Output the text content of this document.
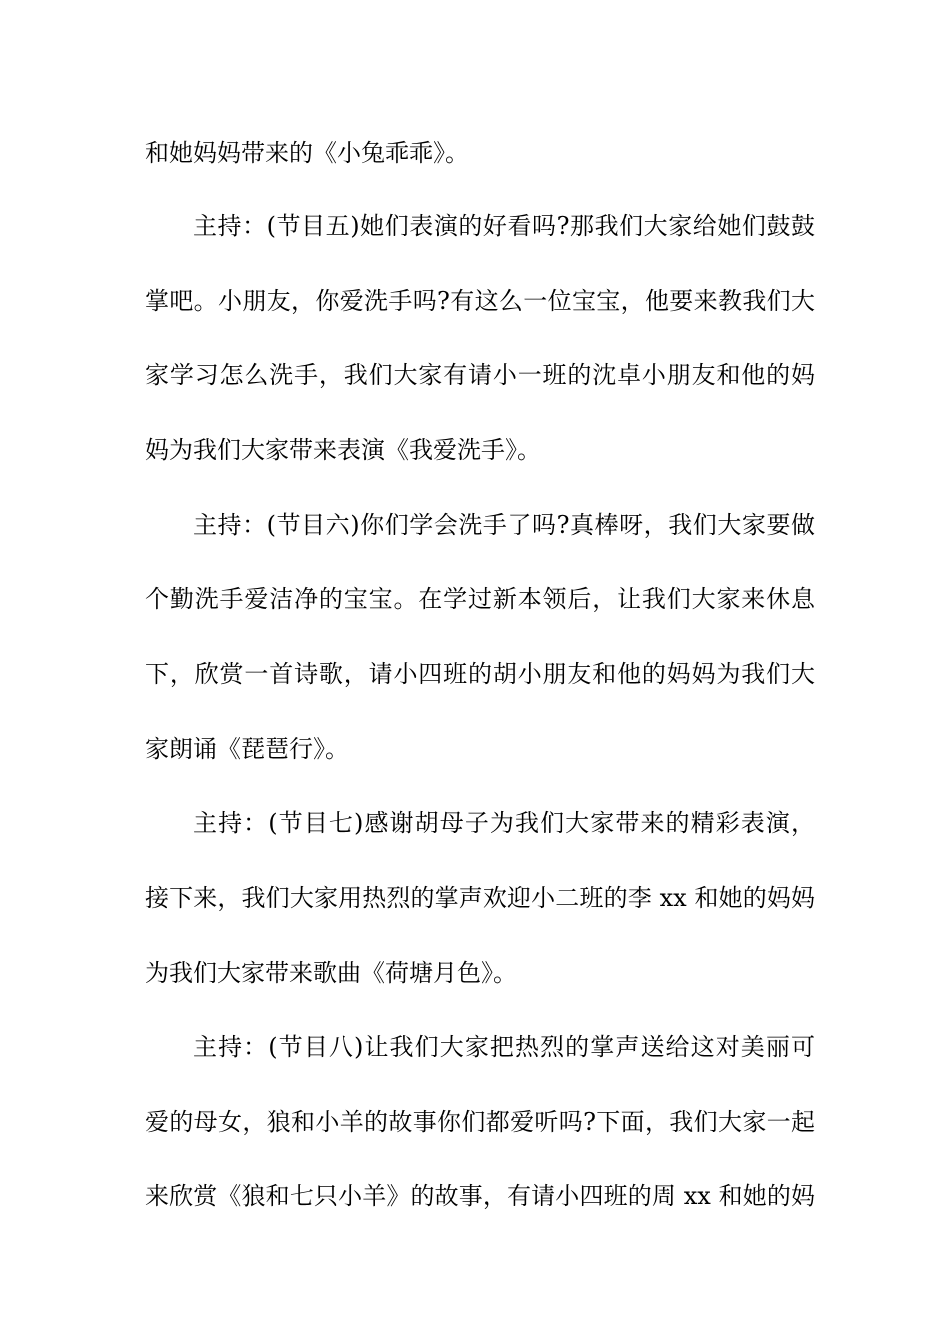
和她妈妈带来的《小兔乖乖》。
主持：(节目五)她们表演的好看吗?那我们大家给她们鼓鼓
掌吧。小朋友，你爱洗手吗?有这么一位宝宝，他要来教我们大
家学习怎么洗手，我们大家有请小一班的沈卓小朋友和他的妈
妈为我们大家带来表演《我爱洗手》。
主持：(节目六)你们学会洗手了吗?真棒呀，我们大家要做
个勤洗手爱洁净的宝宝。在学过新本领后，让我们大家来休息
下，欣赏一首诗歌，请小四班的胡小朋友和他的妈妈为我们大
家朗诵《琵琶行》。
主持：(节目七)感谢胡母子为我们大家带来的精彩表演，
接下来，我们大家用热烈的掌声欢迎小二班的李 xx 和她的妈妈
为我们大家带来歌曲《荷塘月色》。
主持：(节目八)让我们大家把热烈的掌声送给这对美丽可
爱的母女，狼和小羊的故事你们都爱听吗?下面，我们大家一起
来欣赏《狼和七只小羊》的故事，有请小四班的周 xx 和她的妈
